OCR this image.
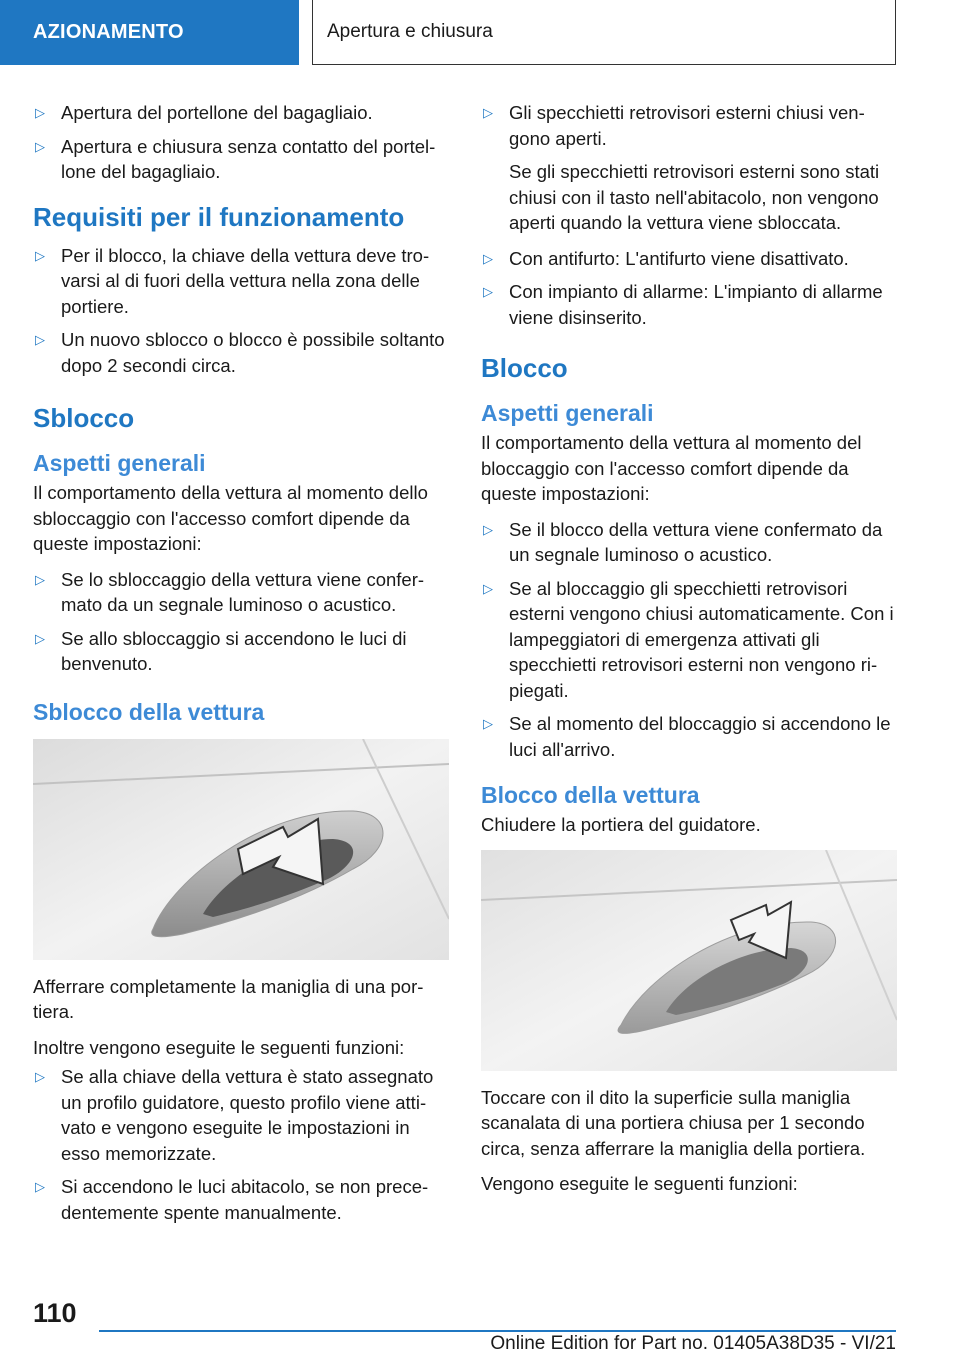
AZIONAMENTO	Apertura e chiusura
▷ Apertura del portellone del bagagliaio.
▷ Apertura e chiusura senza contatto del portellone del bagagliaio.
Requisiti per il funzionamento
▷ Per il blocco, la chiave della vettura deve trovarsi al di fuori della vettura nella zona delle portiere.
▷ Un nuovo sblocco o blocco è possibile soltanto dopo 2 secondi circa.
Sblocco
Aspetti generali

Il comportamento della vettura al momento dello sbloccaggio con l'accesso comfort dipende da queste impostazioni:

▷ Se lo sbloccaggio della vettura viene confermato da un segnale luminoso o acustico.
▷ Se allo sbloccaggio si accendono le luci di benvenuto.
Sblocco della vettura

Afferrare completamente la maniglia di una portiera.

Inoltre vengono eseguite le seguenti funzioni:

▷ Se alla chiave della vettura è stato assegnato un profilo guidatore, questo profilo viene attivato e vengono eseguite le impostazioni in esso memorizzate.
▷ Si accendono le luci abitacolo, se non precedentemente spente manualmente.
▷ Gli specchietti retrovisori esterni chiusi vengono aperti.

Se gli specchietti retrovisori esterni sono stati chiusi con il tasto nell'abitacolo, non vengono aperti quando la vettura viene sbloccata.

▷ Con antifurto: L'antifurto viene disattivato.
▷ Con impianto di allarme: L'impianto di allarme viene disinserito.
Blocco
Aspetti generali

Il comportamento della vettura al momento del bloccaggio con l'accesso comfort dipende da queste impostazioni:

▷ Se il blocco della vettura viene confermato da un segnale luminoso o acustico.
▷ Se al bloccaggio gli specchietti retrovisori esterni vengono chiusi automaticamente. Con i lampeggiatori di emergenza attivati gli specchietti retrovisori esterni non vengono ripiegati.
▷ Se al momento del bloccaggio si accendono le luci all'arrivo.
Blocco della vettura

Chiudere la portiera del guidatore.

Toccare con il dito la superficie sulla maniglia scanalata di una portiera chiusa per 1 secondo circa, senza afferrare la maniglia della portiera.

Vengono eseguite le seguenti funzioni:

110
Online Edition for Part no. 01405A38D35 - VI/21
